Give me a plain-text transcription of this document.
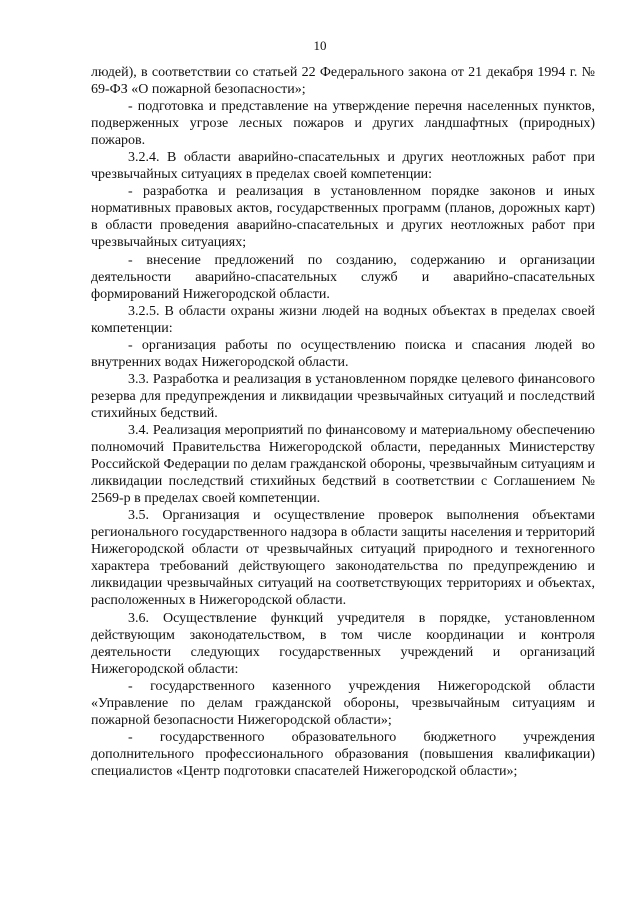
10

людей), в соответствии со статьей 22 Федерального закона от 21 декабря 1994 г. № 69-ФЗ «О пожарной безопасности»;

- подготовка и представление на утверждение перечня населенных пунктов, подверженных угрозе лесных пожаров и других ландшафтных (природных) пожаров.

3.2.4. В области аварийно-спасательных и других неотложных работ при чрезвычайных ситуациях в пределах своей компетенции:

- разработка и реализация в установленном порядке законов и иных нормативных правовых актов, государственных программ (планов, дорожных карт) в области проведения аварийно-спасательных и других неотложных работ при чрезвычайных ситуациях;

- внесение предложений по созданию, содержанию и организации деятельности аварийно-спасательных служб и аварийно-спасательных формирований Нижегородской области.

3.2.5. В области охраны жизни людей на водных объектах в пределах своей компетенции:

- организация работы по осуществлению поиска и спасания людей во внутренних водах Нижегородской области.

3.3. Разработка и реализация в установленном порядке целевого финансового резерва для предупреждения и ликвидации чрезвычайных ситуаций и последствий стихийных бедствий.

3.4. Реализация мероприятий по финансовому и материальному обеспечению полномочий Правительства Нижегородской области, переданных Министерству Российской Федерации по делам гражданской обороны, чрезвычайным ситуациям и ликвидации последствий стихийных бедствий в соответствии с Соглашением № 2569-р в пределах своей компетенции.

3.5. Организация и осуществление проверок выполнения объектами регионального государственного надзора в области защиты населения и территорий Нижегородской области от чрезвычайных ситуаций природного и техногенного характера требований действующего законодательства по предупреждению и ликвидации чрезвычайных ситуаций на соответствующих территориях и объектах, расположенных в Нижегородской области.

3.6. Осуществление функций учредителя в порядке, установленном действующим законодательством, в том числе координации и контроля деятельности следующих государственных учреждений и организаций Нижегородской области:

- государственного казенного учреждения Нижегородской области «Управление по делам гражданской обороны, чрезвычайным ситуациям и пожарной безопасности Нижегородской области»;

- государственного образовательного бюджетного учреждения дополнительного профессионального образования (повышения квалификации) специалистов «Центр подготовки спасателей Нижегородской области»;
